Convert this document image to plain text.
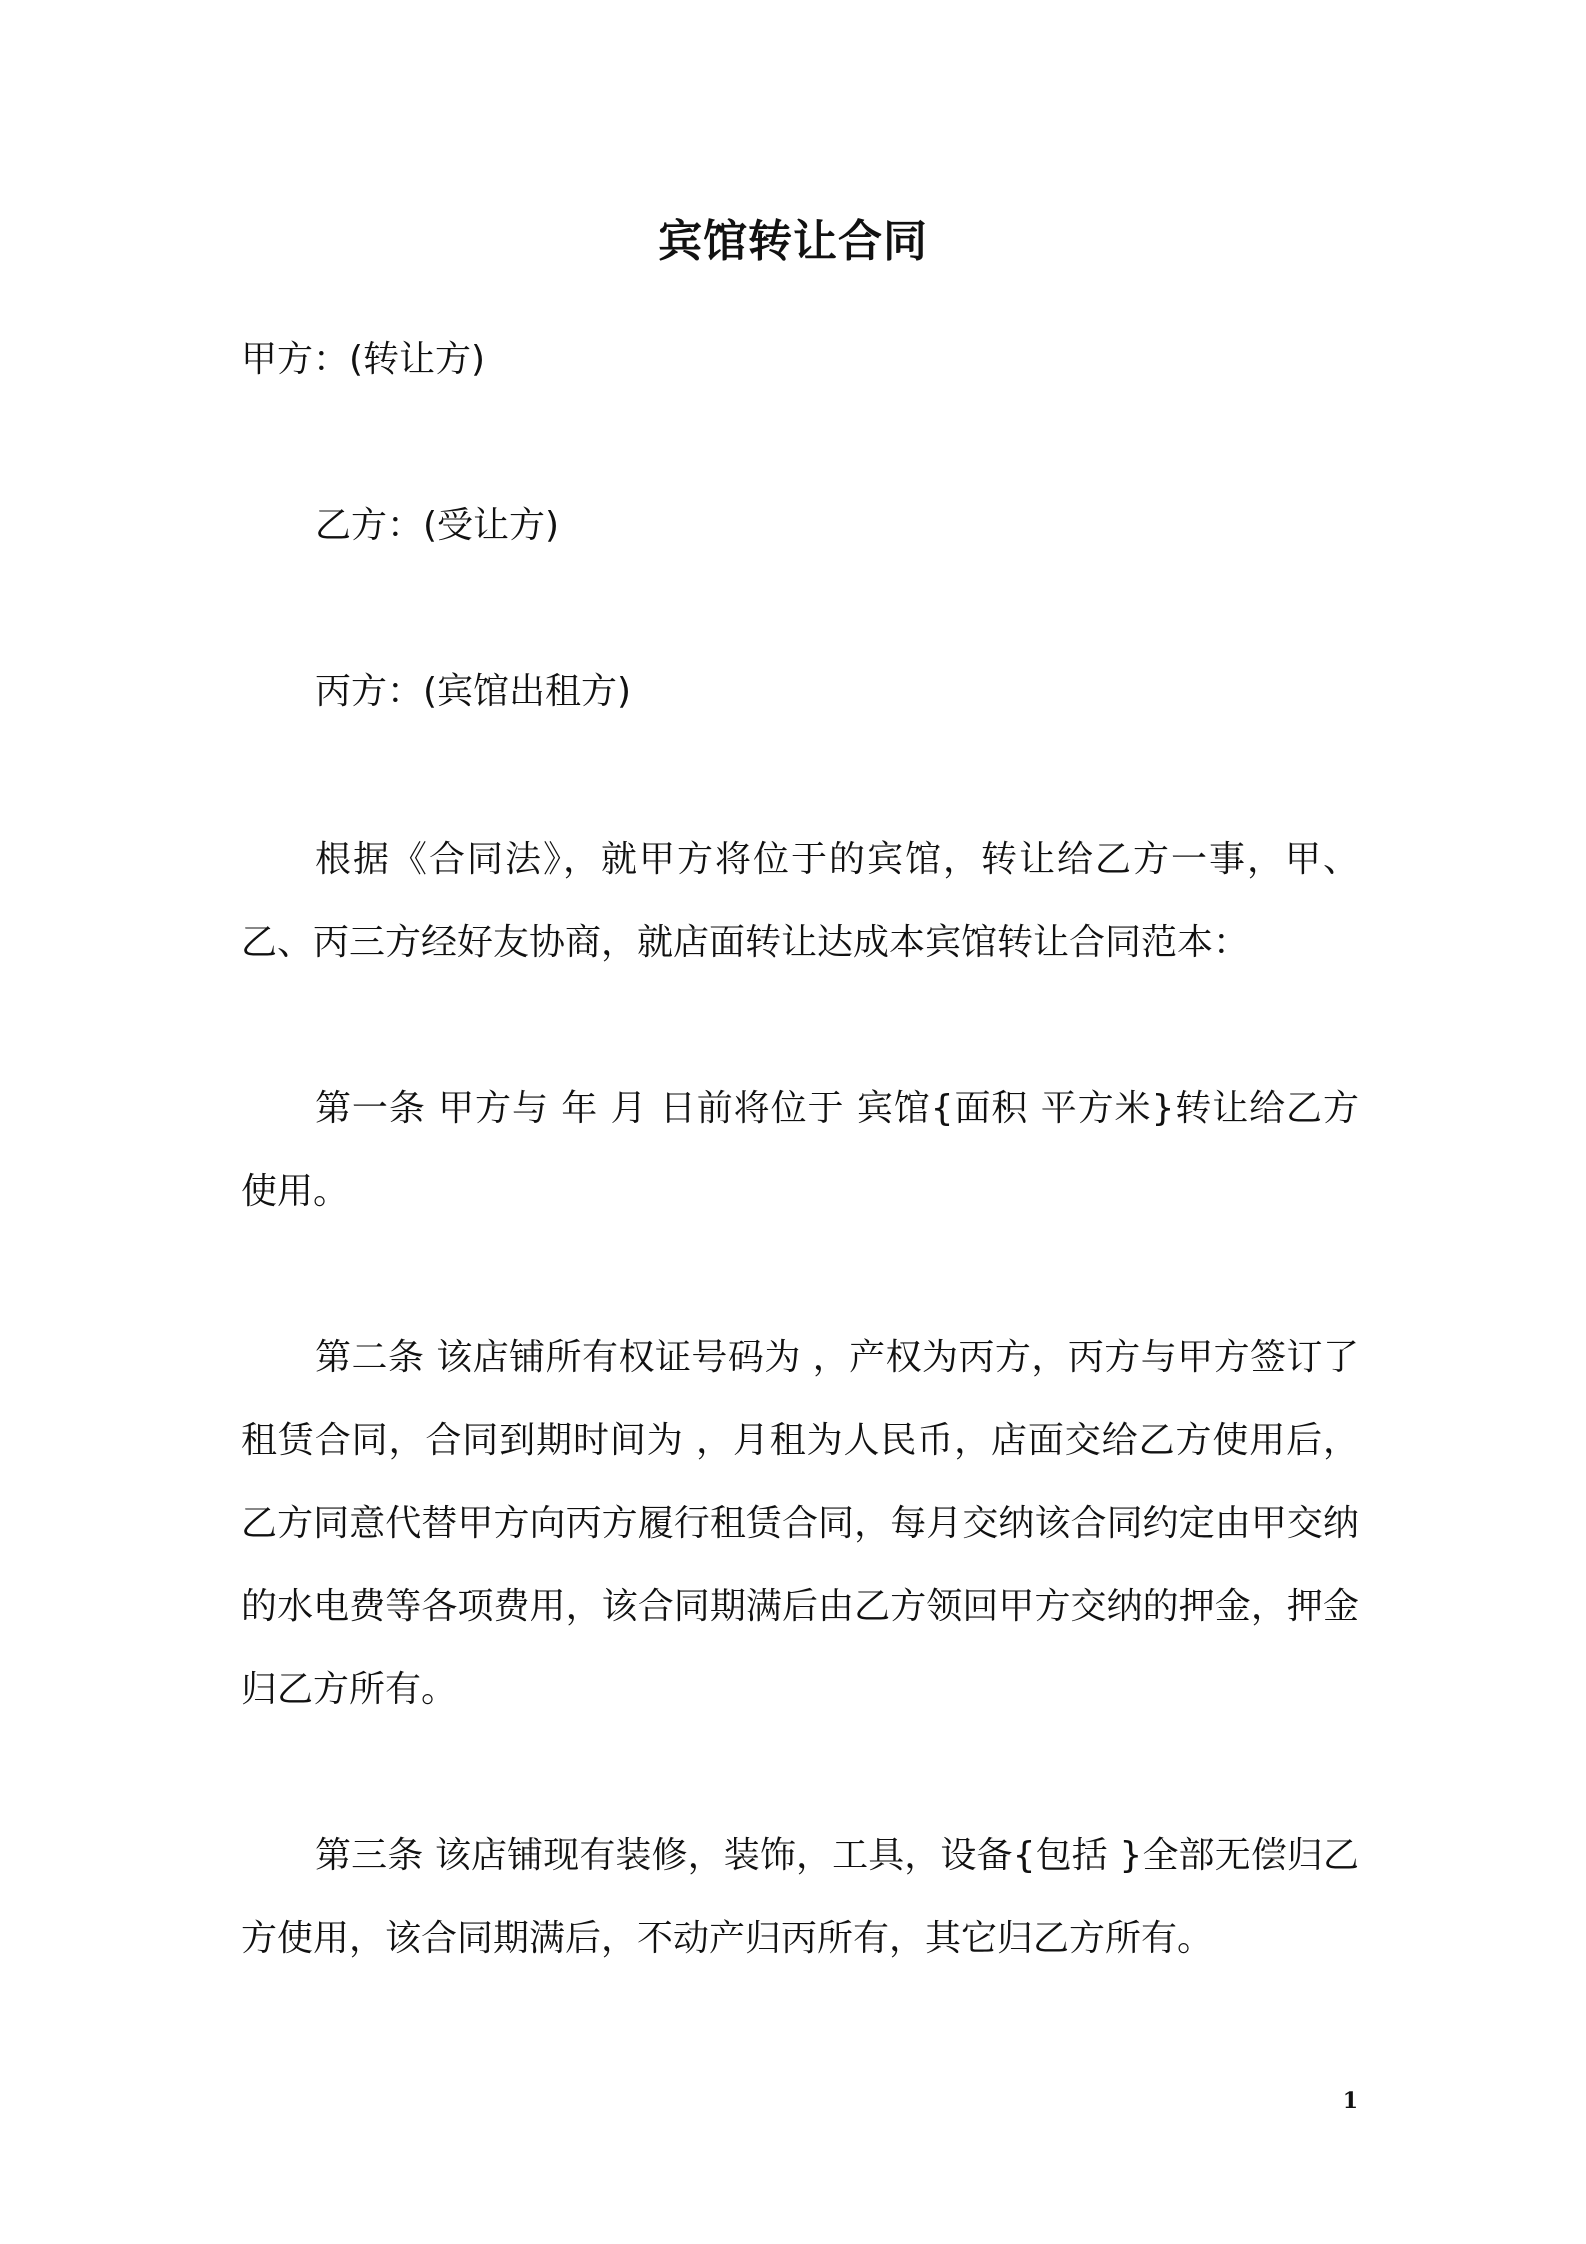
宾馆转让合同
甲方：(转让方)
乙方：(受让方)
丙方：(宾馆出租方)
根据《合同法》，就甲方将位于的宾馆，转让给乙方一事，甲、乙、丙三方经好友协商，就店面转让达成本宾馆转让合同范本：
第一条 甲方与 年 月 日前将位于 宾馆{面积 平方米}转让给乙方使用。
第二条 该店铺所有权证号码为 ，产权为丙方，丙方与甲方签订了租赁合同，合同到期时间为 ，月租为人民币，店面交给乙方使用后，乙方同意代替甲方向丙方履行租赁合同，每月交纳该合同约定由甲交纳的水电费等各项费用，该合同期满后由乙方领回甲方交纳的押金，押金归乙方所有。
第三条 该店铺现有装修，装饰，工具，设备{包括 }全部无偿归乙方使用，该合同期满后，不动产归丙所有，其它归乙方所有。
1
